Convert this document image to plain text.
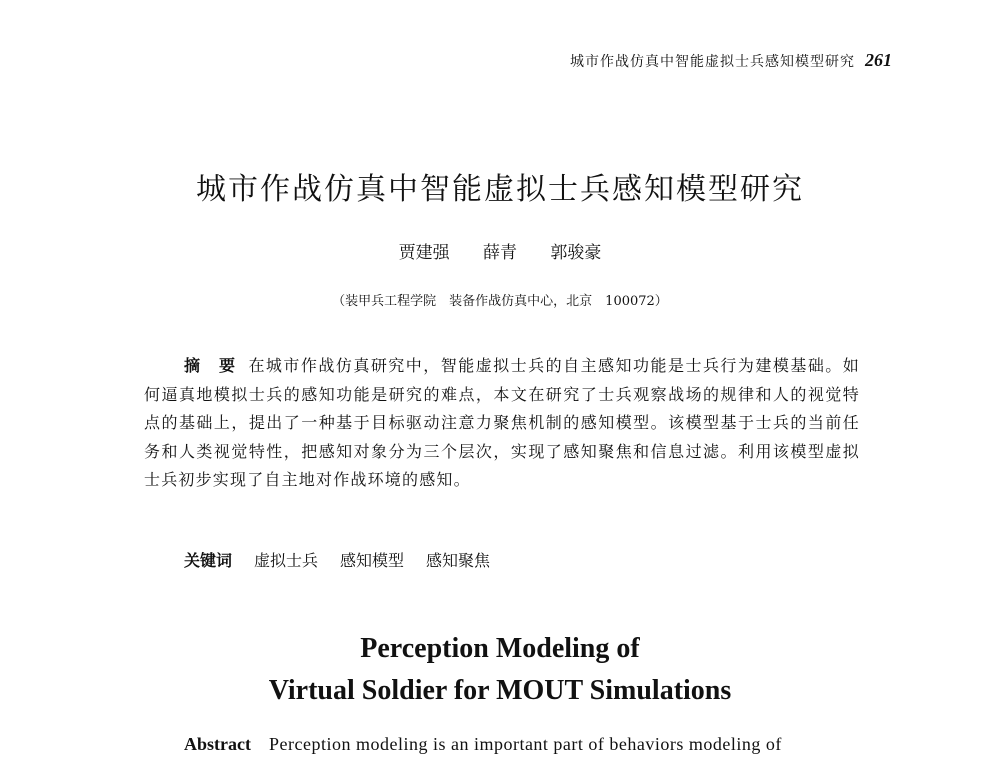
城市作战仿真中智能虚拟士兵感知模型研究 261
城市作战仿真中智能虚拟士兵感知模型研究
贾建强 薛青 郭骏豪
（装甲兵工程学院　装备作战仿真中心，北京　100072）
摘　要 在城市作战仿真研究中，智能虚拟士兵的自主感知功能是士兵行为建模基础。如何逼真地模拟士兵的感知功能是研究的难点，本文在研究了士兵观察战场的规律和人的视觉特点的基础上，提出了一种基于目标驱动注意力聚焦机制的感知模型。该模型基于士兵的当前任务和人类视觉特性，把感知对象分为三个层次，实现了感知聚焦和信息过滤。利用该模型虚拟士兵初步实现了自主地对作战环境的感知。
关键词 虚拟士兵 感知模型 感知聚焦
Perception Modeling of
Virtual Soldier for MOUT Simulations
Abstract Perception modeling is an important part of behaviors modeling of
